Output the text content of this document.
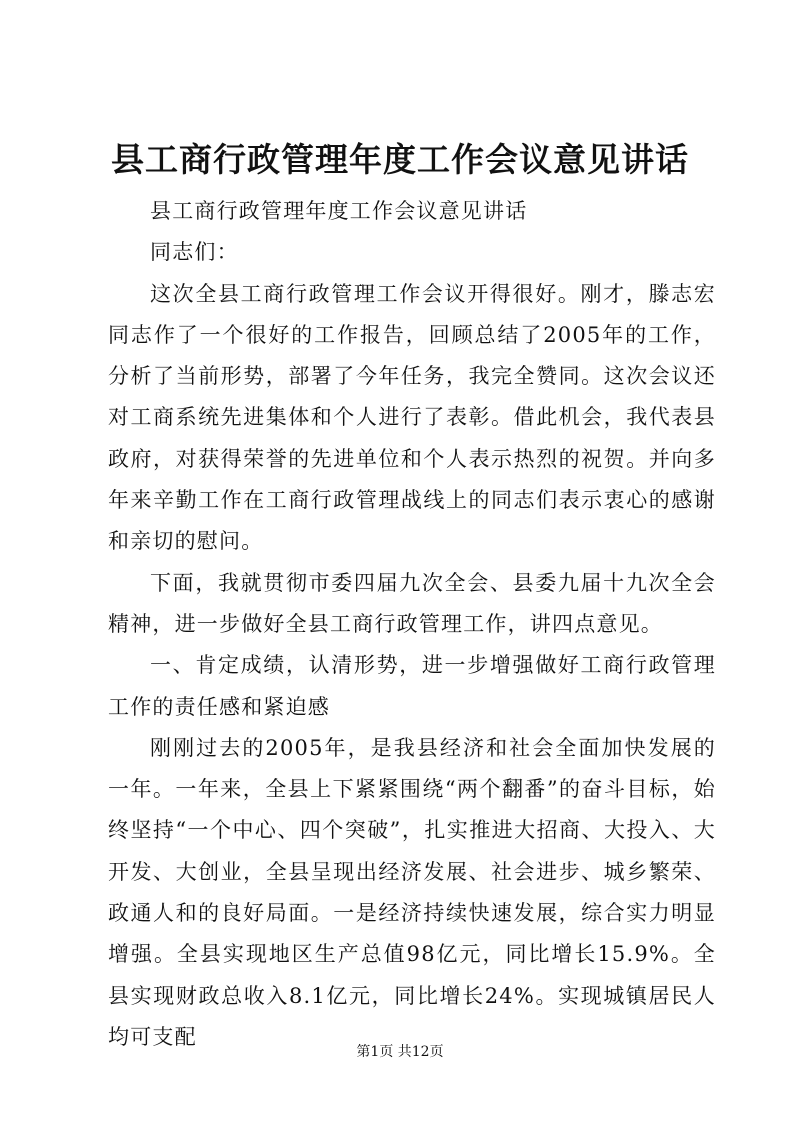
县工商行政管理年度工作会议意见讲话

县工商行政管理年度工作会议意见讲话

同志们：

这次全县工商行政管理工作会议开得很好。刚才，滕志宏同志作了一个很好的工作报告，回顾总结了2005年的工作，分析了当前形势，部署了今年任务，我完全赞同。这次会议还对工商系统先进集体和个人进行了表彰。借此机会，我代表县政府，对获得荣誉的先进单位和个人表示热烈的祝贺。并向多年来辛勤工作在工商行政管理战线上的同志们表示衷心的感谢和亲切的慰问。

下面，我就贯彻市委四届九次全会、县委九届十九次全会精神，进一步做好全县工商行政管理工作，讲四点意见。

一、肯定成绩，认清形势，进一步增强做好工商行政管理工作的责任感和紧迫感

刚刚过去的2005年，是我县经济和社会全面加快发展的一年。一年来，全县上下紧紧围绕“两个翻番”的奋斗目标，始终坚持“一个中心、四个突破”，扎实推进大招商、大投入、大开发、大创业，全县呈现出经济发展、社会进步、城乡繁荣、政通人和的良好局面。一是经济持续快速发展，综合实力明显增强。全县实现地区生产总值98亿元，同比增长15.9%。全县实现财政总收入8.1亿元，同比增长24%。实现城镇居民人均可支配

第1页 共12页
